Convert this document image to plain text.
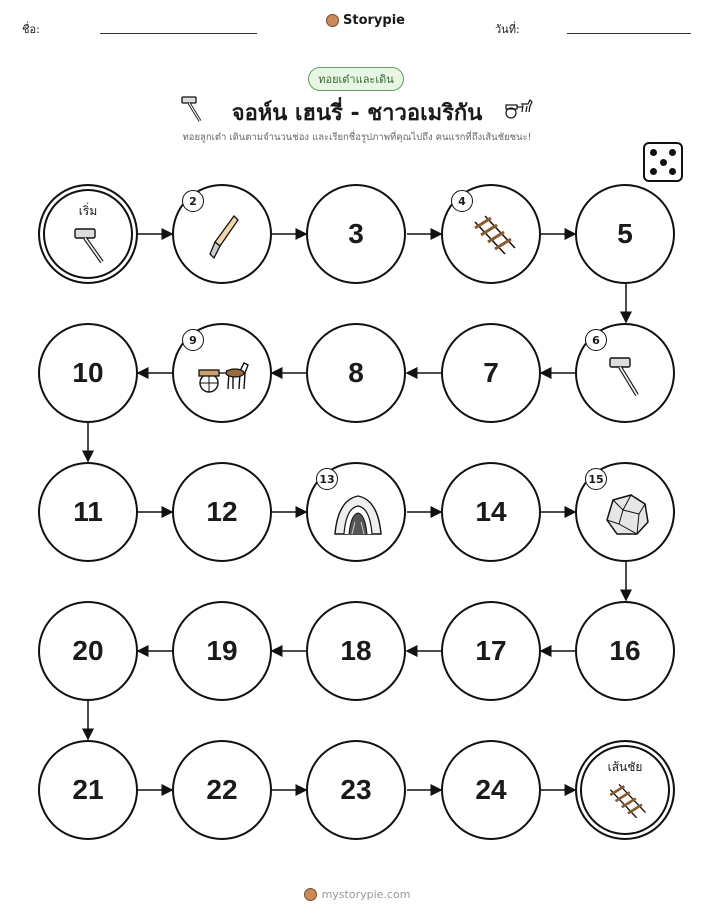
ชื่อ:
Storypie
วันที่:
ทอยเต๋าและเดิน
จอห์น เฮนรี่ - ชาวอเมริกัน
ทอยลูกเต๋า เดินตามจำนวนช่อง และเรียกชื่อรูปภาพที่คุณไปถึง คนแรกที่ถึงเส้นชัยชนะ!
เริ่ม
2
3
4
5
10
9
8	7
6
11	12
13
14
15
20	19	18	17	16
21	22	23	24
เส้นชัย
mystorypie.com
